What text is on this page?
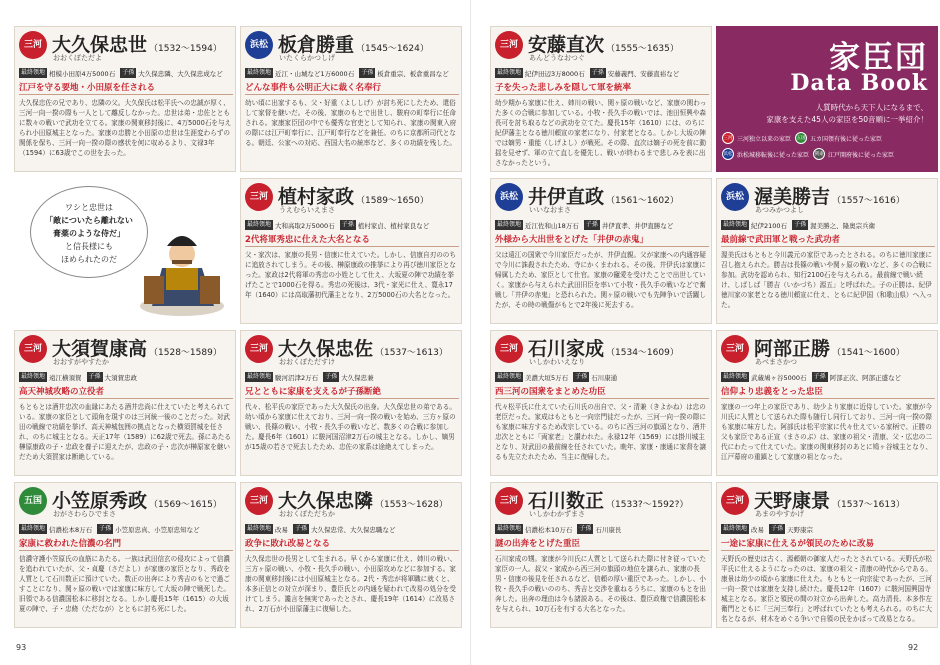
三河 大久保忠世 （1532～1594）
おおくぼただよ
最終領地 相模小田原4万5000石	子孫 大久保忠隣、大久保忠成など
江戸を守る要地・小田原を任される
大久保忠佐の兄であり、忠隣の父。大久保氏は松平氏への忠誠が厚く、三河一向一揆の際も一人として離反しなかった。忠世は弟・忠佐とともに数々の戦いで武功を立てる。家康の関東移封後に、4万5000石を与えられ小田原城主となった。家康の忠勝と小田原の忠世は生涯変わらずの関係を保ち、三河一向一揆の際の感状を何に収めるより、文禄3年（1594）に63歳でこの世を去った。
浜松 板倉勝重 （1545～1624）
いたくらかつしげ
最終領地 近江・山城など1万6000石	子孫 板倉重宗、板倉重昌など
どんな事件も公明正大に裁く名奉行
幼い頃に出家するも、父・好重（よししげ）が討ち死にしたため、還俗して家督を継いだ。その後、家康のもとで出世し、駿府の町奉行に任命される。家康家臣団の中でも優秀な官吏として知られ、家康の関東入府の際には江戸町奉行に、江戸町奉行などを兼任。のちに京都所司代となる。朝廷、公家への対応、西国大名の統率など、多くの功績を残した。
ワシと忠世は
「敵についたら離れない
膏薬のような侍だ」
と信長様にも
ほめられたのだ
三河 植村家政 （1589～1650）
うえむらいえまさ
最終領地 大和高取2万5000石	子孫 植村家貞、植村家良など
2代将軍秀忠に仕えた大名となる
父・家次は、家康の長男・信康に仕えていた。しかし、信康自刃ののちに追放されてしまう。その後、榊原康政の推挙により再び徳川家臣となった。家政は2代将軍の秀忠の小姓として仕え、大坂夏の陣で功績を挙げたことで1000石を得る。秀忠の死後は、3代・家光に仕え、寛永17年（1640）には高取藩初代藩主となり、2万5000石の大名となった。
三河 大須賀康高 （1528～1589）
おおすがやすたか
最終領地 遠江横須賀	子孫 大須賀忠政
高天神城攻略の立役者
もともとは酒井忠次の血縁にあたる酒井忠尚に仕えていたと考えられている。家康の家臣として頭角を現すのは三河統一後のことだった。対武田の戦線で功績を挙げ、高天神城包囲の拠点となった横須賀城を任され、のちに城主となる。天正17年（1589）に62歳で死去。孫にあたる榊原康政の子・忠政を養子に迎えたが、忠政の子・忠次が榊原家を継いだため大須賀家は断絶している。
三河 大久保忠佐 （1537～1613）
おおくぼただすけ
最終領地 駿河沼津2万石	子孫 大久保忠兼
兄とともに家康を支えるが子孫断絶
代々、松平氏の家臣であった大久保氏の出身。大久保忠世の弟である。幼い頃から家康に仕えており、三河一向一揆の戦いを始め、三方ヶ原の戦い、長篠の戦い、小牧・長久手の戦いなど、数多くの合戦に参加した。慶長6年（1601）に駿河国沼津2万石の城主となる。しかし、嫡男が15歳の若さで死去したため、忠佐の家系は途絶えてしまった。
五国 小笠原秀政 （1569～1615）
おがさわらひでまさ
最終領地 信濃松本8万石	子孫 小笠原忠真、小笠原忠知など
家康に救われた信濃の名門
信濃守護小笠原氏の血筋にあたる。一族は武田信玄の侵攻によって信濃を追われていたが、父・貞慶（さだよし）が家康の家臣となり、秀政を人質として石川数正に預けていた。数正の出奔により秀吉のもとで過ごすことになり、関ヶ原の戦いでは家康に味方して大坂の陣で戦死した。旧領である信濃国松本に移封となる。しかし慶長15年（1615）の大坂夏の陣で、子・忠脩（ただなが）とともに討ち死にした。
三河 大久保忠隣 （1553～1628）
おおくぼただちか
最終領地 改易	子孫 大久保忠常、大久保忠職など
政争に敗れ改易となる
大久保忠世の長男として生まれる。早くから家康に仕え、姉川の戦い、三方ヶ原の戦い、小牧・長久手の戦い、小田原攻めなどに参加する。家康の関東移封後には小田原城主となる。2代・秀忠が将軍職に就くと、本多正信との対立が深まり、豊臣氏との内通を疑われて改易の処分を受けてしまう。讒言を無実であったとされ、慶長19年（1614）に改易され、2万石が小田原藩主に復帰した。
三河 安藤直次 （1555～1635）
あんどうなおつぐ
最終領地 紀伊田辺3万8000石	子孫 安藤義門、安藤直裕など
子を失った悲しみを隠して軍を統率
幼少期から家康に仕え、姉川の戦い、関ヶ原の戦いなど、家康の関わった多くの合戦に参加している。小牧・長久手の戦いでは、池田恒興や森長可を討ち取るなどの武功を立てた。慶長15年（1610）には、のちに紀伊藩主となる徳川頼宣の家老になり、付家老となる。しかし大坂の陣では嫡男・重能（しげよし）が戦死。その際、直次は嫡子の死を前に動揺を見せず、軍の立て直しを優先し、戦いが終わるまで悲しみを表に出さなかったという。
家臣団
Data Book
人質時代から天下人になるまで、
家康を支えた45人の家臣を50音順に一挙紹介！
三河 三河独立以来の家臣	五国 五カ国領有後に従った家臣
浜松 浜松城移転後に従った家臣	関東 江戸開府後に従った家臣
浜松 井伊直政 （1561～1602）
いいなおまさ
最終領地 近江佐和山18万石	子孫 井伊直孝、井伊直勝など
外様から大出世をとげた「井伊の赤鬼」
父は遠江の国衆で今川家臣だったが、井伊直親。父が家康への内通容疑で今川に誅殺されたため、寺にかくまわれる。その後、井伊氏は家康に帰属したため、家臣として仕官。家康の寵愛を受けたことで出世していく。家康から与えられた武田旧臣を率いて小牧・長久手の戦いなどで奮戦し「井伊の赤鬼」と恐れられた。関ヶ原の戦いでも先陣争いで活躍したが、その時の戦傷がもとで2年後に死去する。
浜松 渥美勝吉 （1557～1616）
あつみかつよし
最終領地 紀伊2100石	子孫 渥美勝之、隆奥宗兵衛
最前線で武田軍と戦った武功者
渥美氏はもともと今川義元の家臣であったとされる。のちに徳川家康に召し抱えられた。勝吉は長篠の戦いや関ヶ原の戦いなど、多くの合戦に参加。武功を認められ、知行2100石を与えられる。最前線で戦い続け、しばしば「勝吉（いかづち）源五」と呼ばれた。子の正勝は、紀伊徳川家の家老となる徳川頼宣に仕え、ともに紀伊国（和歌山県）へ入った。
三河 石川家成 （1534～1609）
いしかわいえなり
最終領地 美濃大垣5万石	子孫 石川康通
西三河の国衆をまとめた功臣
代々松平氏に仕えていた石川氏の出自で、父・清兼（きよかね）は忠の老臣だった。家成はもともと一向宗門徒だったが、三河一向一揆の際にも家康に味方するため改宗している。のちに西三河の旗頭となり、酒井忠次とともに「両家老」と讃われた。永禄12年（1569）には掛川城主となり、対武田の最前線を任されていた。晩年、家康・康通に家督を譲るも先立たれたため、当主に復帰した。
三河 阿部正勝 （1541～1600）
あべまさかつ
最終領地 武蔵鳩ヶ谷5000石	子孫 阿部正次、阿部正盛など
信仰より忠義をとった忠臣
家康の一つ年上の家臣であり、幼少より家康に近侍していた。家康が今川氏に人質として送られた際も随行し同行しており、三河一向一揆の際も家康に味方した。阿部氏は松平宗家に代々仕えている家柄で、正勝の父も家臣である正宣（まさのぶ）は、家康の祖父・清康、父・広忠の二代にわたって仕えていた。家康の関東移封のあとに鳩ヶ谷城主となり、江戸幕府の重鎮として家康の祖となった。
三河 石川数正 （1533?～1592?）
いしかわかずまさ
最終領地 信濃松本10万石	子孫 石川康長
謎の出奔をとげた重臣
石川家成の甥。家康が今川氏に人質として送られた際に付き従っていた家臣の一人。叔父・家成から西三河の旗頭の地位を譲られ、家康の長男・信康の後見を任されるなど、信頼の厚い重臣であった。しかし、小牧・長久手の戦いののち、秀吉と交渉を重ねるうちに、家康のもとを出奔した。出奔の理由は今も諸説ある。その後は、豊臣政権で信濃国松本を与えられ、10万石を有する大名となった。
三河 天野康景 （1537～1613）
あまのやすかげ
最終領地 改易	子孫 天野康宗
一途に家康に仕えるが領民のために改易
天野氏の歴史は古く、源頼朝の御家人だったとされている。天野氏が松平氏に仕えるようになったのは、家康の祖父・清康の時代からである。康景は幼少の頃から家康に仕えた。もともと一向宗徒であったが、三河一向一揆では家康を支持し続けた。慶長12年（1607）に駿河国興国寺城主となる。家臣と領民の間の対立から出奔した。高力清長、本多作左衛門とともに「三河三奉行」と呼ばれていたとも考えられる。のちに大名となるが、材木をめぐる争いで自領の民をかばって改易となる。
93	92
